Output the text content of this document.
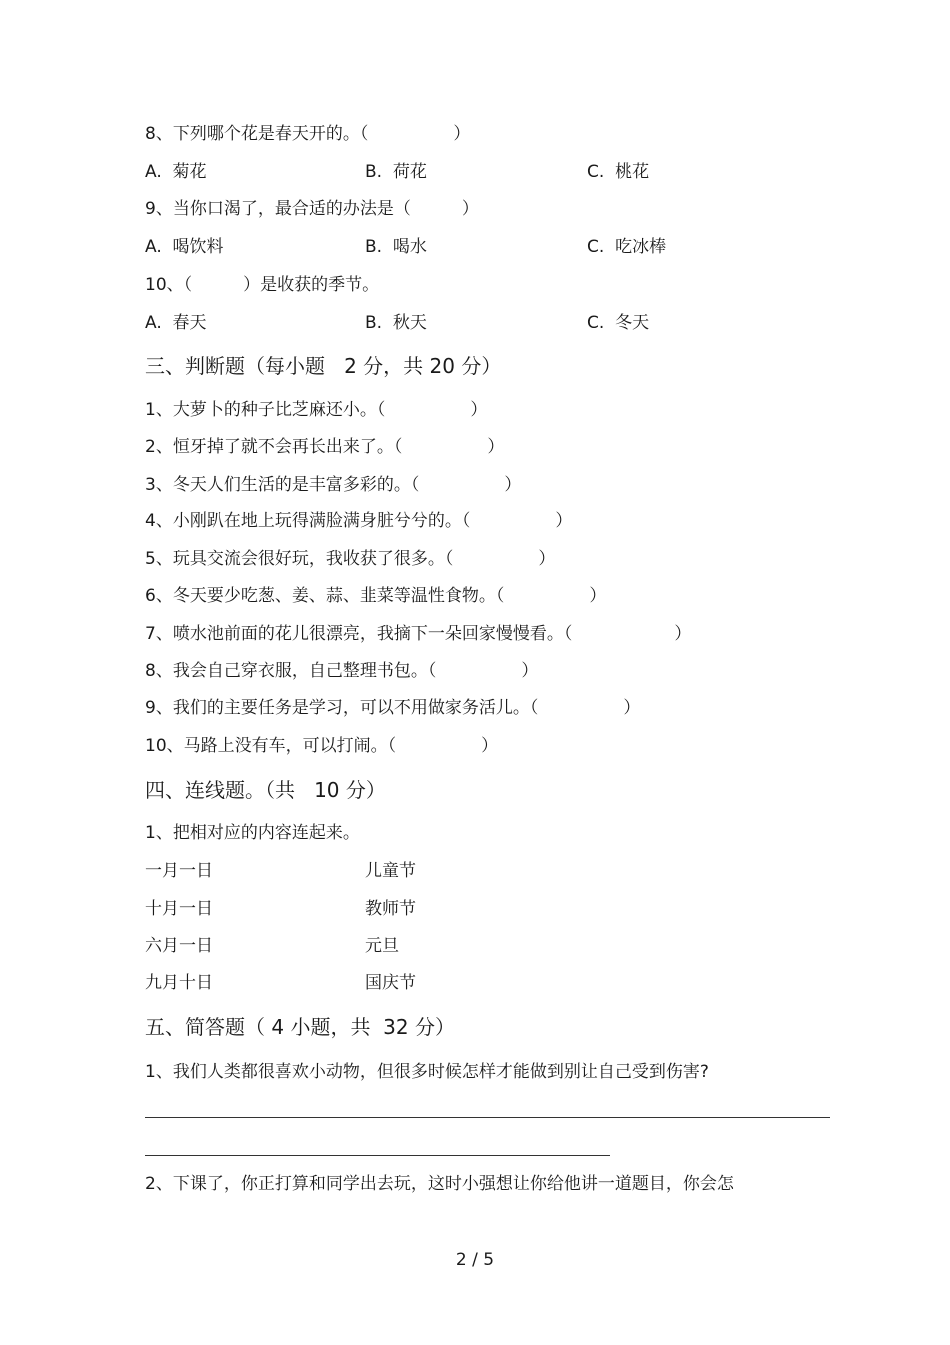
8、下列哪个花是春天开的。（　　　　　）
A.  菊花	B.  荷花	C.  桃花
9、当你口渴了，最合适的办法是（　　　）
A.  喝饮料	B.  喝水	C.  吃冰棒
10、（　　　）是收获的季节。
A.  春天	B.  秋天	C.  冬天
三、判断题（每小题   2 分，共 20 分）
1、大萝卜的种子比芝麻还小。（　　　　　）
2、恒牙掉了就不会再长出来了。（　　　　　）
3、冬天人们生活的是丰富多彩的。（　　　　　）
4、小刚趴在地上玩得满脸满身脏兮兮的。（　　　　　）
5、玩具交流会很好玩，我收获了很多。（　　　　　）
6、冬天要少吃葱、姜、蒜、韭菜等温性食物。（　　　　　）
7、喷水池前面的花儿很漂亮，我摘下一朵回家慢慢看。（　　　　　　）
8、我会自己穿衣服，自己整理书包。（　　　　　）
9、我们的主要任务是学习，可以不用做家务活儿。（　　　　　）
10、马路上没有车，可以打闹。（　　　　　）
四、连线题。（共   10 分）
1、把相对应的内容连起来。
一月一日	儿童节
十月一日	教师节
六月一日	元旦
九月十日	国庆节
五、简答题（ 4 小题，共  32 分）
1、我们人类都很喜欢小动物，但很多时候怎样才能做到别让自己受到伤害?
2、下课了，你正打算和同学出去玩，这时小强想让你给他讲一道题目，你会怎
2 / 5
